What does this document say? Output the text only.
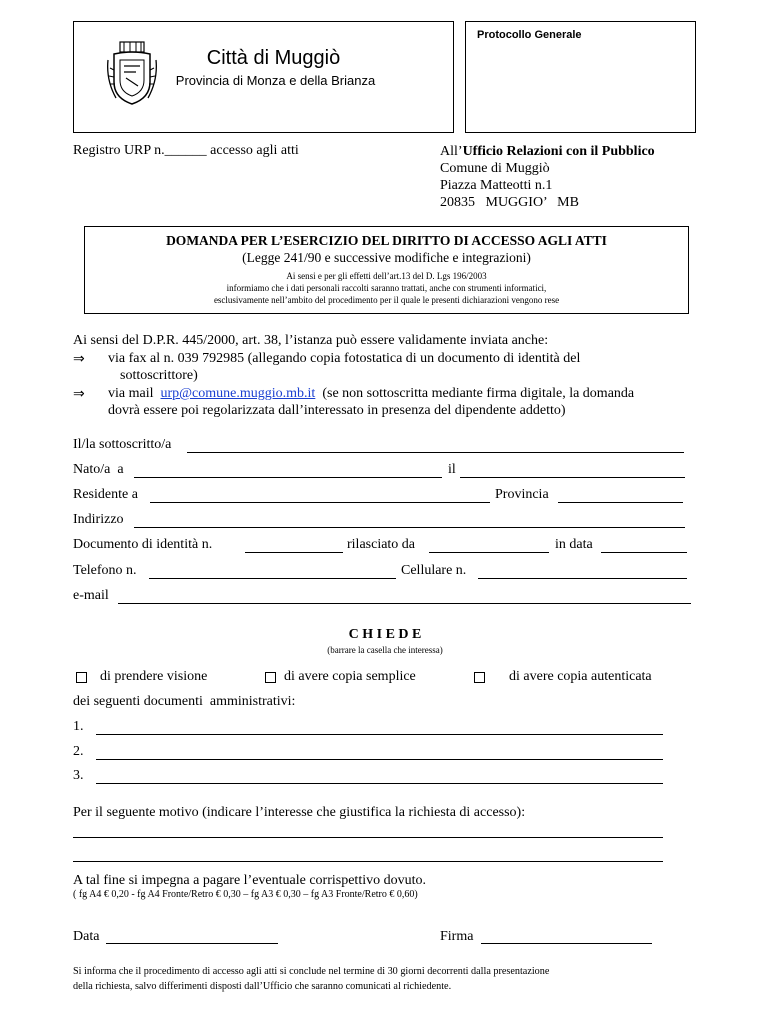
Città di Muggiò
Provincia di Monza e della Brianza
Protocollo Generale
Registro URP n.______ accesso agli atti	All’Ufficio Relazioni con il Pubblico
Comune di Muggiò
Piazza Matteotti n.1
20835   MUGGIO’   MB
DOMANDA PER L’ESERCIZIO DEL DIRITTO DI ACCESSO AGLI ATTI
(Legge 241/90 e successive modifiche e integrazioni)
Ai sensi e per gli effetti dell’art.13 del D. Lgs 196/2003
informiamo che i dati personali raccolti saranno trattati, anche con strumenti informatici,
esclusivamente nell’ambito del procedimento per il quale le presenti dichiarazioni vengono rese
Ai sensi del D.P.R. 445/2000, art. 38, l’istanza può essere validamente inviata anche:
⇒ via fax al n. 039 792985 (allegando copia fotostatica di un documento di identità del
sottoscrittore)
⇒ via mail urp@comune.muggio.mb.it (se non sottoscritta mediante firma digitale, la domanda
dovrà essere poi regolarizzata dall’interessato in presenza del dipendente addetto)
Il/la sottoscritto/a
Nato/a  a	il
Residente a	Provincia
Indirizzo
Documento di identità n.	rilasciato da	in data
Telefono n.	Cellulare n.
e-mail
C H I E D E
(barrare la casella che interessa)
di prendere visione	di avere copia semplice	di avere copia autenticata
dei seguenti documenti  amministrativi:
1.
2.
3.
Per il seguente motivo (indicare l’interesse che giustifica la richiesta di accesso):
A tal fine si impegna a pagare l’eventuale corrispettivo dovuto.
( fg A4 € 0,20 - fg A4 Fronte/Retro € 0,30 – fg A3 € 0,30 – fg A3 Fronte/Retro € 0,60)
Data	Firma
Si informa che il procedimento di accesso agli atti si conclude nel termine di 30 giorni decorrenti dalla presentazione
della richiesta, salvo differimenti disposti dall’Ufficio che saranno comunicati al richiedente.
